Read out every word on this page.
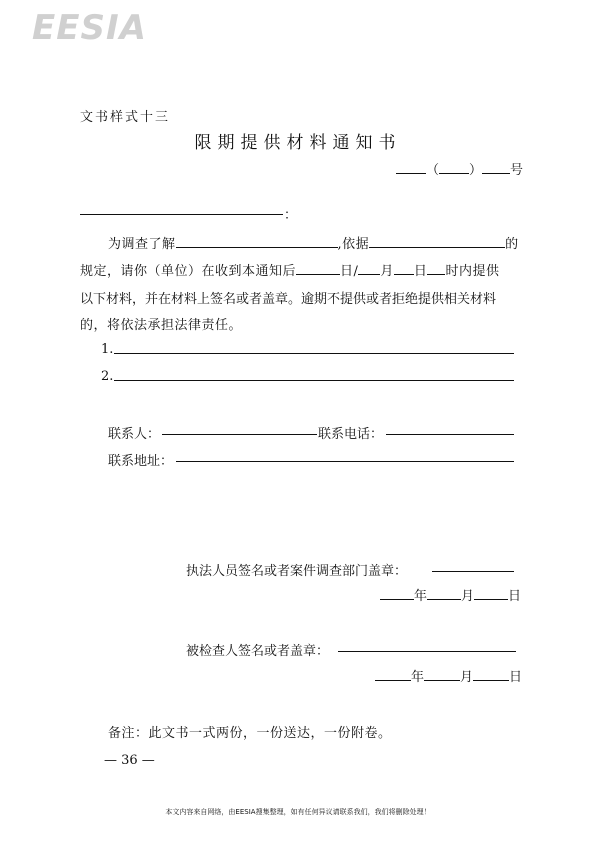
EESIA
文书样式十三
限期提供材料通知书
（ ） 号
：
为调查了解	,依据	的
规定，请你（单位）在收到本通知后	日/ 月 日 时内提供
以下材料，并在材料上签名或者盖章。逾期不提供或者拒绝提供相关材料
的，将依法承担法律责任。
1.
2.
联系人：	联系电话：
联系地址：
执法人员签名或者案件调查部门盖章：
年	月	日
被检查人签名或者盖章：
年	月	日
备注：此文书一式两份，一份送达，一份附卷。
— 36 —
本文内容来自网络，由EESIA搜集整理，如有任何异议请联系我们，我们将删除处理！
